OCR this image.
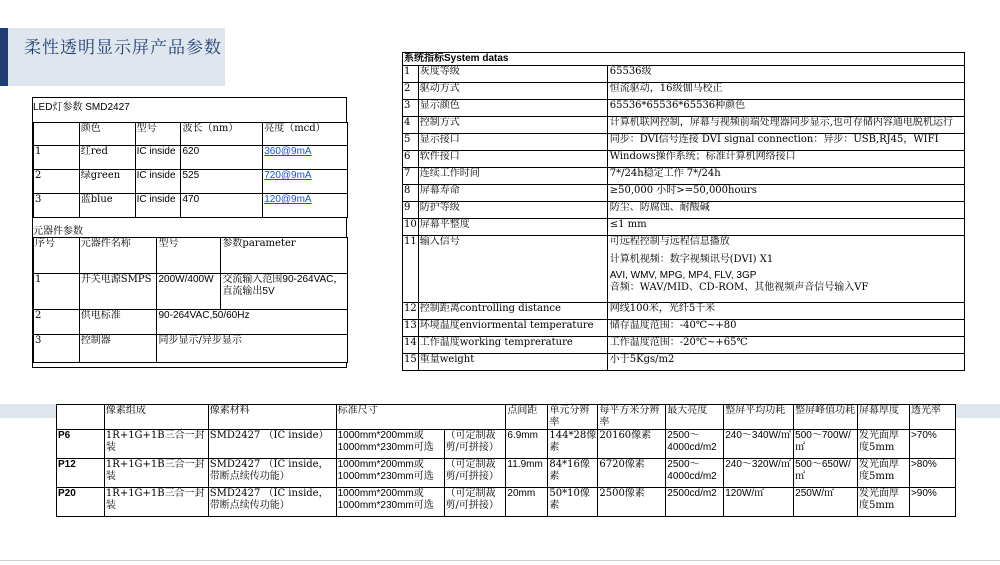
柔性透明显示屏产品参数
LED灯参数 SMD2427
	颜色	型号	波长（nm）	亮度（mcd）
1	红red	IC inside	620	360@9mA
2	绿green	IC inside	525	720@9mA
3	蓝blue	IC inside	470	120@9mA
元器件参数
序号	元器件名称	型号	参数parameter
1	开关电源SMPS	200W/400W	交流输入范围90-264VAC，直流输出5V
2	供电标准	90-264VAC,50/60Hz	
3	控制器	同步显示/异步显示	
系统指标System datas		
1	灰度等级	65536级
2	驱动方式	恒流驱动，16级伽马校正
3	显示颜色	65536*65536*65536种颜色
4	控制方式	计算机联网控制，屏幕与视频前端处理器同步显示,也可存储内容通电脱机运行
5	显示接口	同步：DVI信号连接 DVI signal connection：异步：USB,RJ45，WIFI
6	软件接口	Windows操作系统；标准计算机网络接口
7	连续工作时间	7*/24h稳定工作 7*/24h
8	屏幕寿命	≥50,000 小时>=50,000hours
9	防护等级	防尘、防腐蚀、耐酸碱
10	屏幕平整度	≤1 mm
11	输入信号	可远程控制与远程信息播放
计算机视频：数字视频讯号(DVI) X1
AVI, WMV, MPG, MP4, FLV, 3GP
音频：WAV/MID、CD-ROM、其他视频声音信号输入VF

12	控制距离controlling distance	网线100米，光纤5千米
13	环境温度enviormental temperature	储存温度范围：-40℃~+80
14	工作温度working temprerature	工作温度范围：-20℃~+65℃
15	重量weight	小于5Kgs/m2
	像素组成	像素材料	标准尺寸		点间距	单元分辨率	每平方米分辨率	最大亮度	整屏平均功耗	整屏峰值功耗	屏幕厚度	透光率
P6	1R+1G+1B三合一封装	SMD2427 （IC inside）	1000mm*200mm或1000mm*230mm可选	（可定制裁剪/可拼接）	6.9mm	144*28像素	20160像素	2500～4000cd/m2	240～340W/㎡	500～700W/㎡	发光面厚度5mm	>70%
P12	1R+1G+1B三合一封装	SMD2427 （IC inside，带断点续传功能）	1000mm*200mm或1000mm*230mm可选	（可定制裁剪/可拼接）	11.9mm	84*16像素	6720像素	2500～4000cd/m2	240～320W/㎡	500～650W/㎡	发光面厚度5mm	>80%
P20	1R+1G+1B三合一封装	SMD2427 （IC inside，带断点续传功能）	1000mm*200mm或1000mm*230mm可选	（可定制裁剪/可拼接）	20mm	50*10像素	2500像素	2500cd/m2	120W/㎡	250W/㎡	发光面厚度5mm	>90%
